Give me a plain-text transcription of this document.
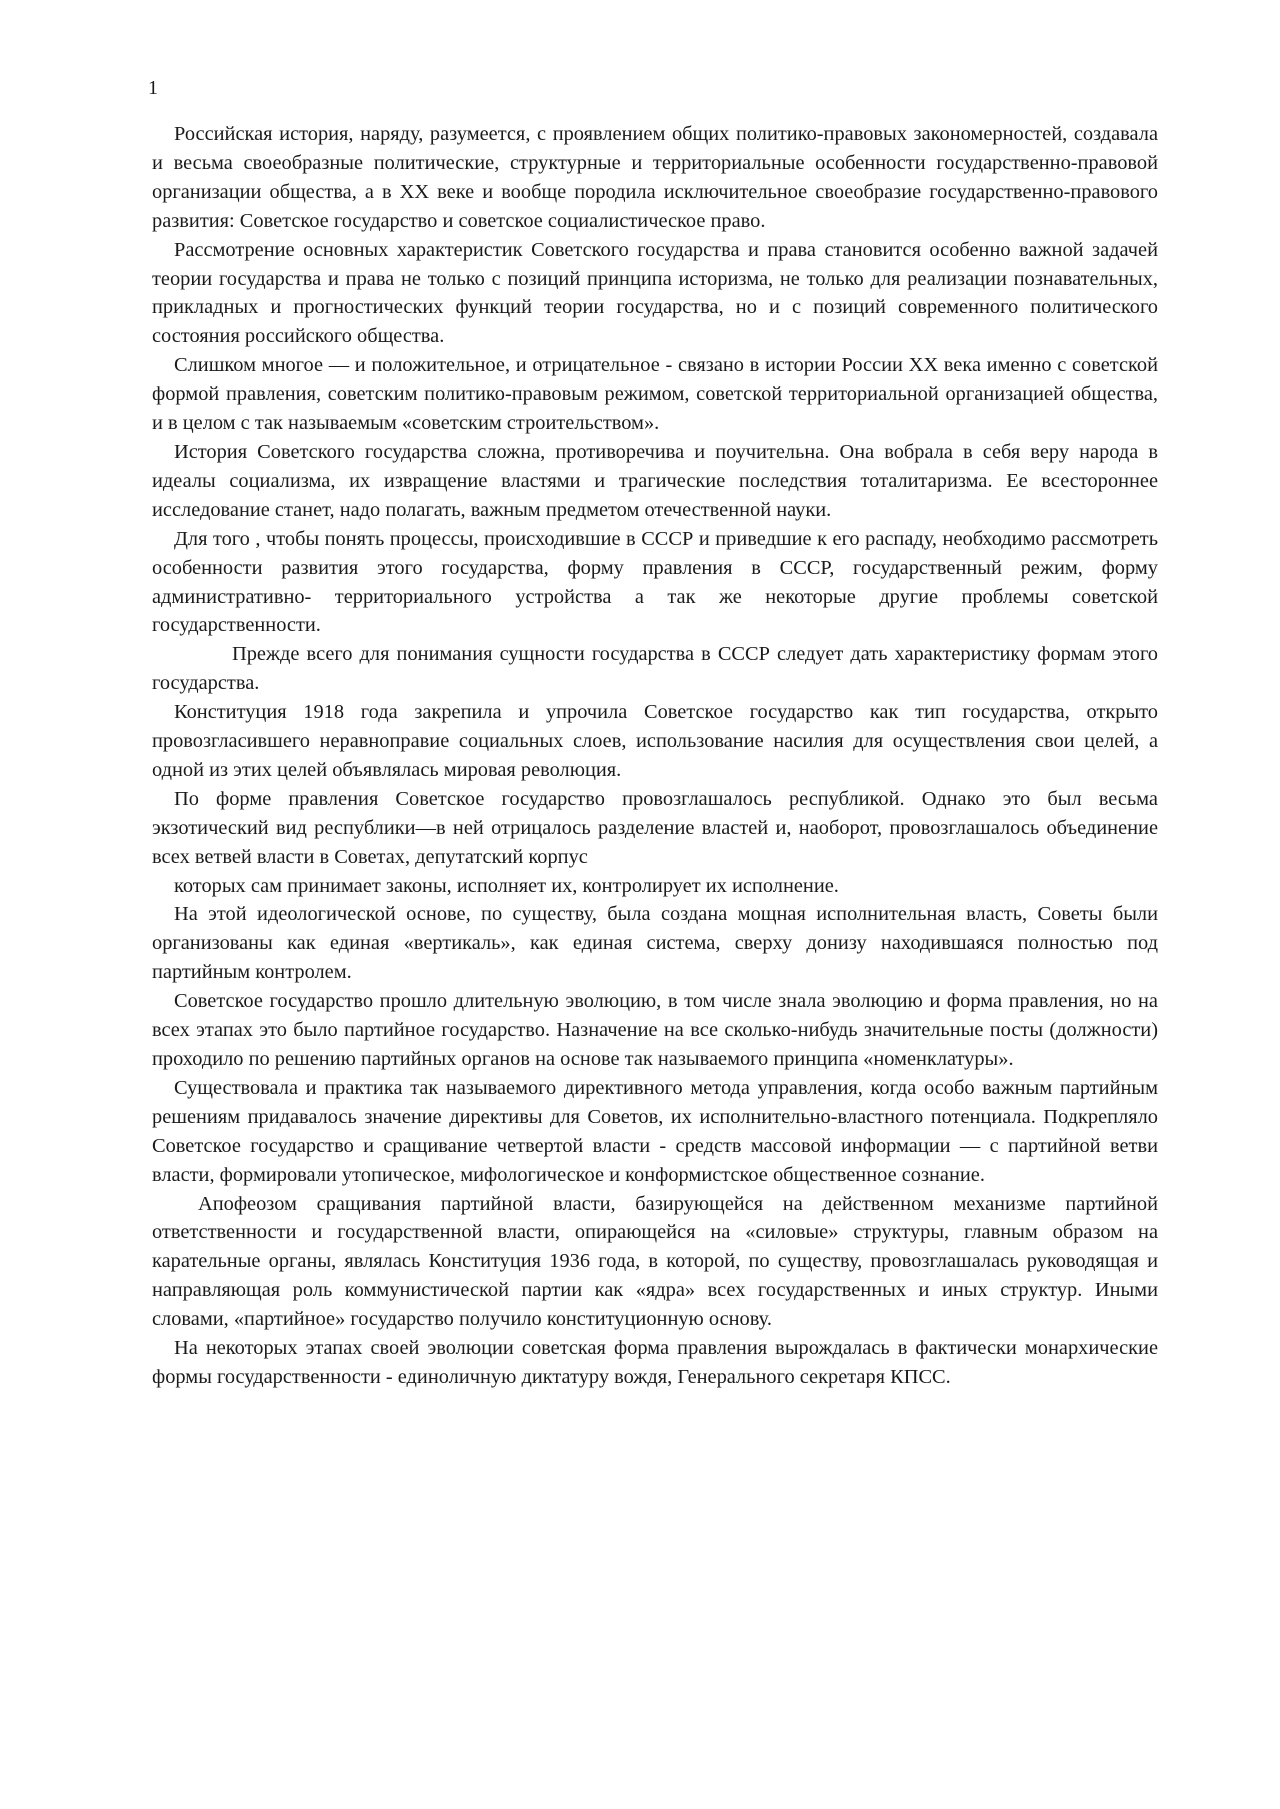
1

Российская история, наряду, разумеется, с проявлением общих политико-правовых закономерностей, создавала и весьма своеобразные политические, структурные и территориальные особенности государственно-правовой организации общества, а в XX веке и вообще породила исключительное своеобразие государственно-правового развития: Советское государство и советское социалистическое право.

Рассмотрение основных характеристик Советского государства и права становится особенно важной задачей теории государства и права не только с позиций принципа историзма, не только для реализации познавательных, прикладных и прогностических функций теории государства, но и с позиций современного политического состояния российского общества.

Слишком многое — и положительное, и отрицательное - связано в истории России XX века именно с советской формой правления, советским политико-правовым режимом, советской территориальной организацией общества, и в целом с так называемым «советским строительством».

История Советского государства сложна, противоречива и поучительна. Она вобрала в себя веру народа в идеалы социализма, их извращение властями и трагические последствия тоталитаризма. Ее всестороннее исследование станет, надо полагать, важным предметом отечественной науки.

Для того , чтобы понять процессы, происходившие в СССР и приведшие к его распаду, необходимо рассмотреть особенности развития этого государства, форму правления в СССР, государственный режим, форму административно- территориального устройства а так же некоторые другие проблемы советской государственности.

Прежде всего для понимания сущности государства в СССР следует дать характеристику формам этого государства.

Конституция 1918 года закрепила и упрочила Советское государство как тип государства, открыто провозгласившего неравноправие социальных слоев, использование насилия для осуществления свои целей, а одной из этих целей объявлялась мировая революция.

По форме правления Советское государство провозглашалось республикой. Однако это был весьма экзотический вид республики—в ней отрицалось разделение властей и, наоборот, провозглашалось объединение всех ветвей власти в Советах, депутатский корпус

которых сам принимает законы, исполняет их, контролирует их исполнение.

На этой идеологической основе, по существу, была создана мощная исполнительная власть, Советы были организованы как единая «вертикаль», как единая система, сверху донизу находившаяся полностью под партийным контролем.

Советское государство прошло длительную эволюцию, в том числе знала эволюцию и форма правления, но на всех этапах это было партийное государство. Назначение на все сколько-нибудь значительные посты (должности) проходило по решению партийных органов на основе так называемого принципа «номенклатуры».

Существовала и практика так называемого директивного метода управления, когда особо важным партийным решениям придавалось значение директивы для Советов, их исполнительно-властного потенциала. Подкрепляло Советское государство и сращивание четвертой власти - средств массовой информации — с партийной ветви власти, формировали утопическое, мифологическое и конформистское общественное сознание.

Апофеозом сращивания партийной власти, базирующейся на действенном механизме партийной ответственности и государственной власти, опирающейся на «силовые» структуры, главным образом на карательные органы, являлась Конституция 1936 года, в которой, по существу, провозглашалась руководящая и направляющая роль коммунистической партии как «ядра» всех государственных и иных структур. Иными словами, «партийное» государство получило конституционную основу.

На некоторых этапах своей эволюции советская форма правления вырождалась в фактически монархические формы государственности - единоличную диктатуру вождя, Генерального секретаря КПСС.
